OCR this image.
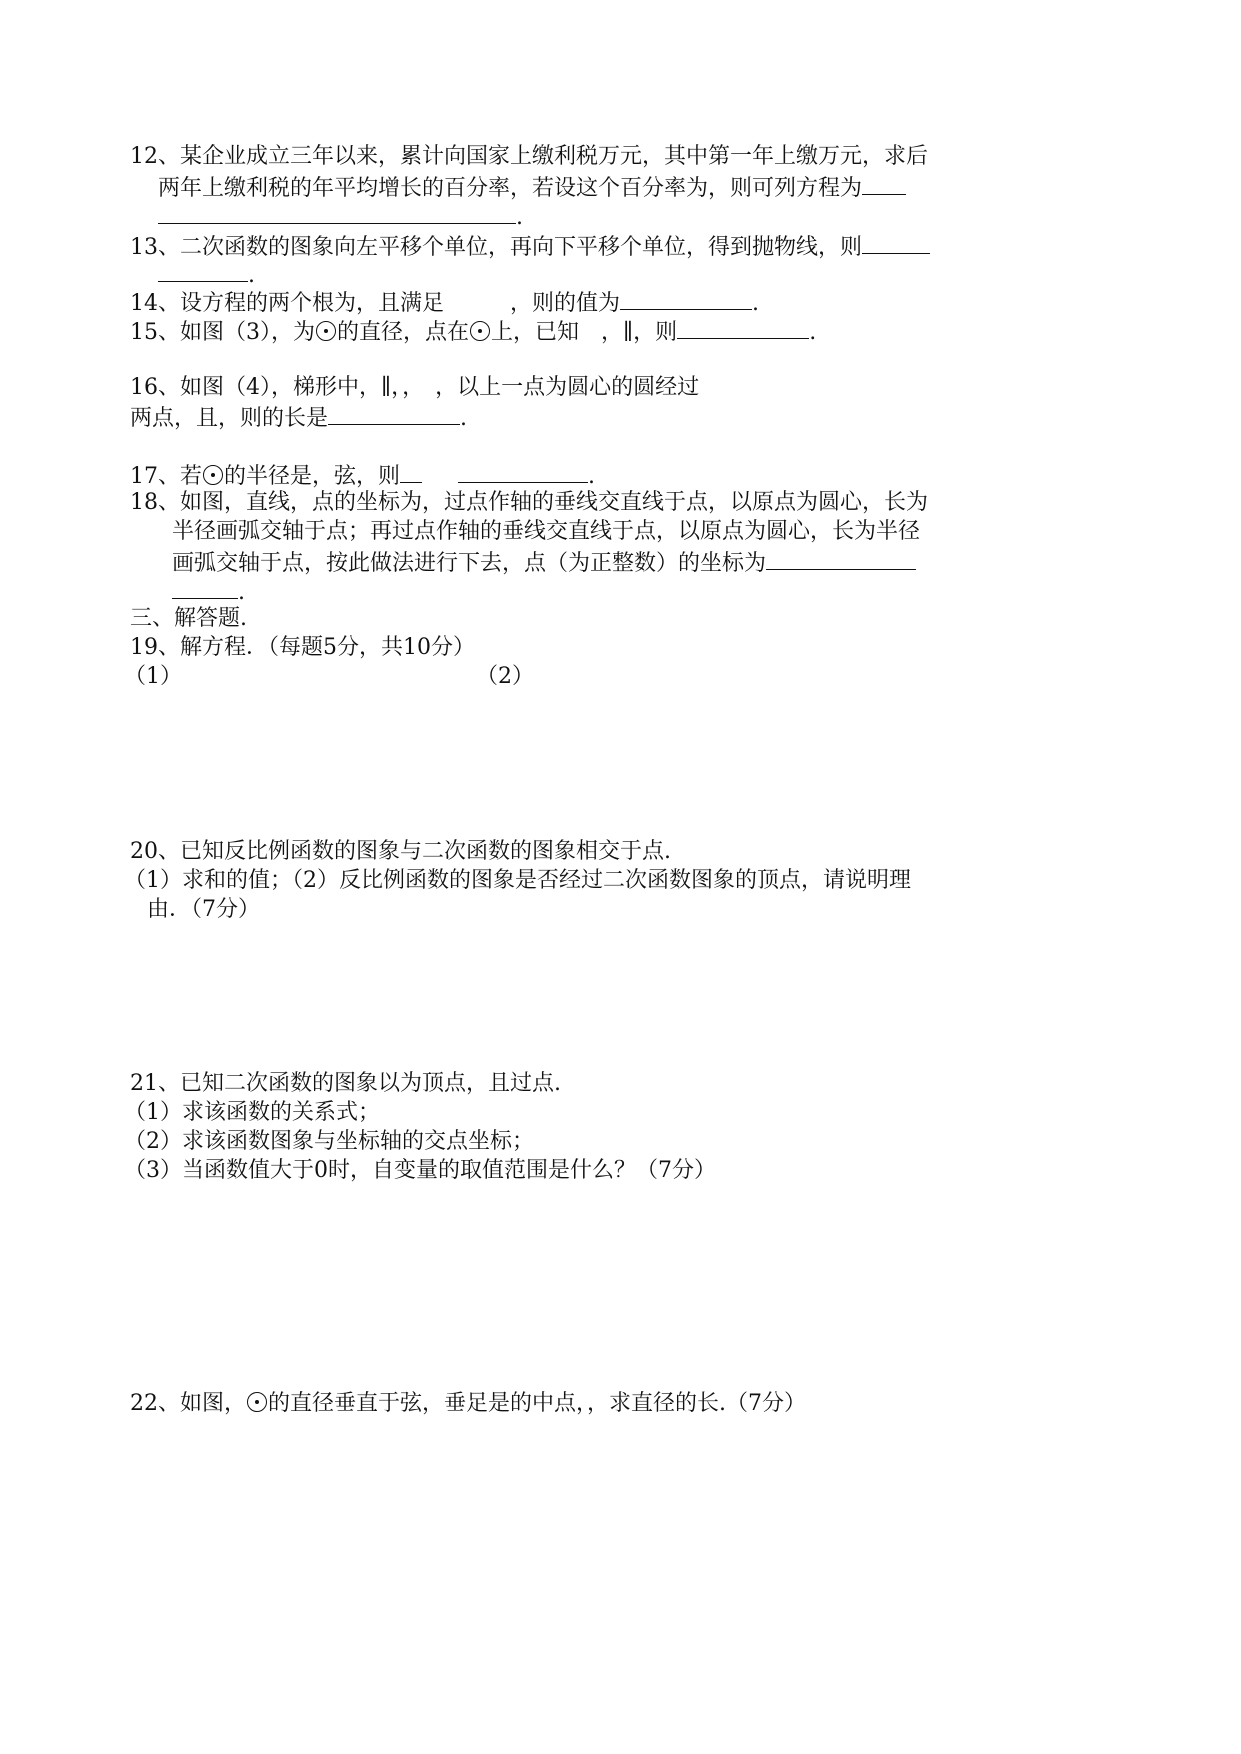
12、某企业成立三年以来，累计向国家上缴利税万元，其中第一年上缴万元，求后
两年上缴利税的年平均增长的百分率，若设这个百分率为，则可列方程为
.
13、二次函数的图象向左平移个单位，再向下平移个单位，得到抛物线，则
.
14、设方程的两个根为，且满足　　　，则的值为	.
15、如图（3），为 的直径，点在 上，已知　，∥，则	.
16、如图（4），梯形中，∥，，　，以上一点为圆心的圆经过
两点，且，则的长是	.
17、若 的半径是，弦，则	.
18、如图，直线，点的坐标为，过点作轴的垂线交直线于点，以原点为圆心，长为
半径画弧交轴于点；再过点作轴的垂线交直线于点，以原点为圆心，长为半径
画弧交轴于点，按此做法进行下去，点（为正整数）的坐标为
.
三、解答题.
19、解方程．（每题5分，共10分）
（1）	（2）
20、已知反比例函数的图象与二次函数的图象相交于点.
（1）求和的值；（2）反比例函数的图象是否经过二次函数图象的顶点，请说明理
由．（7分）
21、已知二次函数的图象以为顶点，且过点.
（1）求该函数的关系式；
（2）求该函数图象与坐标轴的交点坐标；
（3）当函数值大于0时，自变量的取值范围是什么？（7分）
22、如图， 的直径垂直于弦，垂足是的中点，，求直径的长.（7分）
